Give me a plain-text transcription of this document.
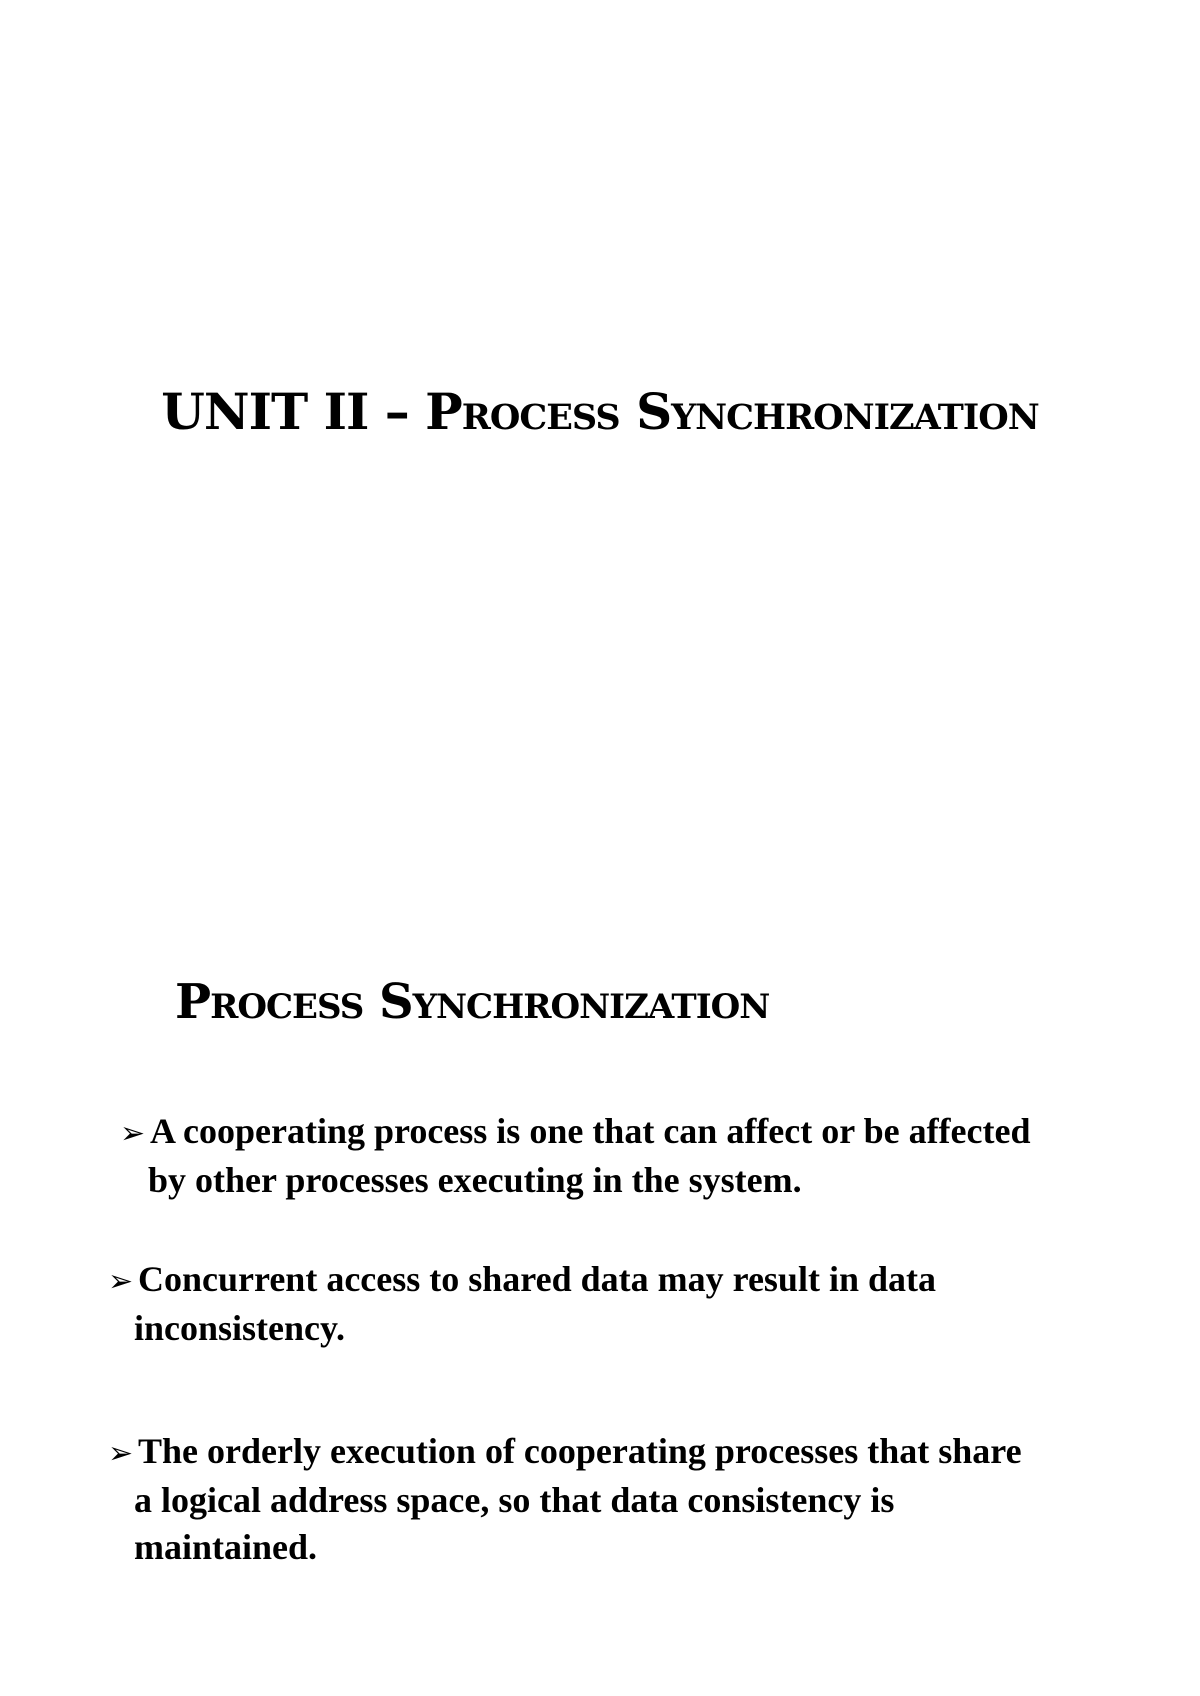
UNIT II – Process Synchronization
Process Synchronization
➢ A cooperating process is one that can affect or be affected
by other processes executing in the system.
➢ Concurrent access to shared data may result in data
inconsistency.
➢ The orderly execution of cooperating processes that share
a logical address space, so that data consistency is
maintained.
